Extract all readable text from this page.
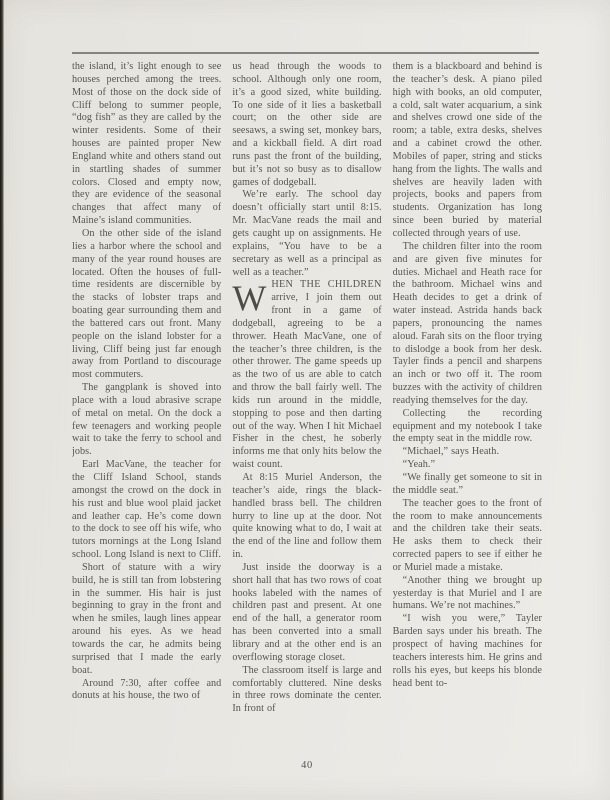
the island, it’s light enough to see houses perched among the trees. Most of those on the dock side of Cliff belong to summer people, “dog fish” as they are called by the winter residents. Some of their houses are painted proper New England white and others stand out in startling shades of summer colors. Closed and empty now, they are evidence of the seasonal changes that affect many of Maine’s island communities.

On the other side of the island lies a harbor where the school and many of the year round houses are located. Often the houses of full-time residents are discernible by the stacks of lobster traps and boating gear surrounding them and the battered cars out front. Many people on the island lobster for a living, Cliff being just far enough away from Portland to discourage most commuters.

The gangplank is shoved into place with a loud abrasive scrape of metal on metal. On the dock a few teenagers and working people wait to take the ferry to school and jobs.

Earl MacVane, the teacher for the Cliff Island School, stands amongst the crowd on the dock in his rust and blue wool plaid jacket and leather cap. He’s come down to the dock to see off his wife, who tutors mornings at the Long Island school. Long Island is next to Cliff.

Short of stature with a wiry build, he is still tan from lobstering in the summer. His hair is just beginning to gray in the front and when he smiles, laugh lines appear around his eyes. As we head towards the car, he admits being surprised that I made the early boat.

Around 7:30, after coffee and donuts at his house, the two of

us head through the woods to school. Although only one room, it’s a good sized, white building. To one side of it lies a basketball court; on the other side are seesaws, a swing set, monkey bars, and a kickball field. A dirt road runs past the front of the building, but it’s not so busy as to disallow games of dodgeball.

We’re early. The school day doesn’t officially start until 8:15. Mr. MacVane reads the mail and gets caught up on assignments. He explains, “You have to be a secretary as well as a principal as well as a teacher.”

WHEN THE CHILDREN arrive, I join them out front in a game of dodgeball, agreeing to be a thrower. Heath MacVane, one of the teacher’s three children, is the other thrower. The game speeds up as the two of us are able to catch and throw the ball fairly well. The kids run around in the middle, stopping to pose and then darting out of the way. When I hit Michael Fisher in the chest, he soberly informs me that only hits below the waist count.

At 8:15 Muriel Anderson, the teacher’s aide, rings the black-handled brass bell. The children hurry to line up at the door. Not quite knowing what to do, I wait at the end of the line and follow them in.

Just inside the doorway is a short hall that has two rows of coat hooks labeled with the names of children past and present. At one end of the hall, a generator room has been converted into a small library and at the other end is an overflowing storage closet.

The classroom itself is large and comfortably cluttered. Nine desks in three rows dominate the center. In front of

them is a blackboard and behind is the teacher’s desk. A piano piled high with books, an old computer, a cold, salt water acquarium, a sink and shelves crowd one side of the room; a table, extra desks, shelves and a cabinet crowd the other. Mobiles of paper, string and sticks hang from the lights. The walls and shelves are heavily laden with projects, books and papers from students. Organization has long since been buried by material collected through years of use.

The children filter into the room and are given five minutes for duties. Michael and Heath race for the bathroom. Michael wins and Heath decides to get a drink of water instead. Astrida hands back papers, pronouncing the names aloud. Farah sits on the floor trying to dislodge a book from her desk. Tayler finds a pencil and sharpens an inch or two off it. The room buzzes with the activity of children readying themselves for the day.

Collecting the recording equipment and my notebook I take the empty seat in the middle row.

“Michael,” says Heath.

“Yeah.”

“We finally get someone to sit in the middle seat.”

The teacher goes to the front of the room to make announcements and the children take their seats. He asks them to check their corrected papers to see if either he or Muriel made a mistake.

“Another thing we brought up yesterday is that Muriel and I are humans. We’re not machines.”

“I wish you were,” Tayler Barden says under his breath. The prospect of having machines for teachers interests him. He grins and rolls his eyes, but keeps his blonde head bent to-

40
